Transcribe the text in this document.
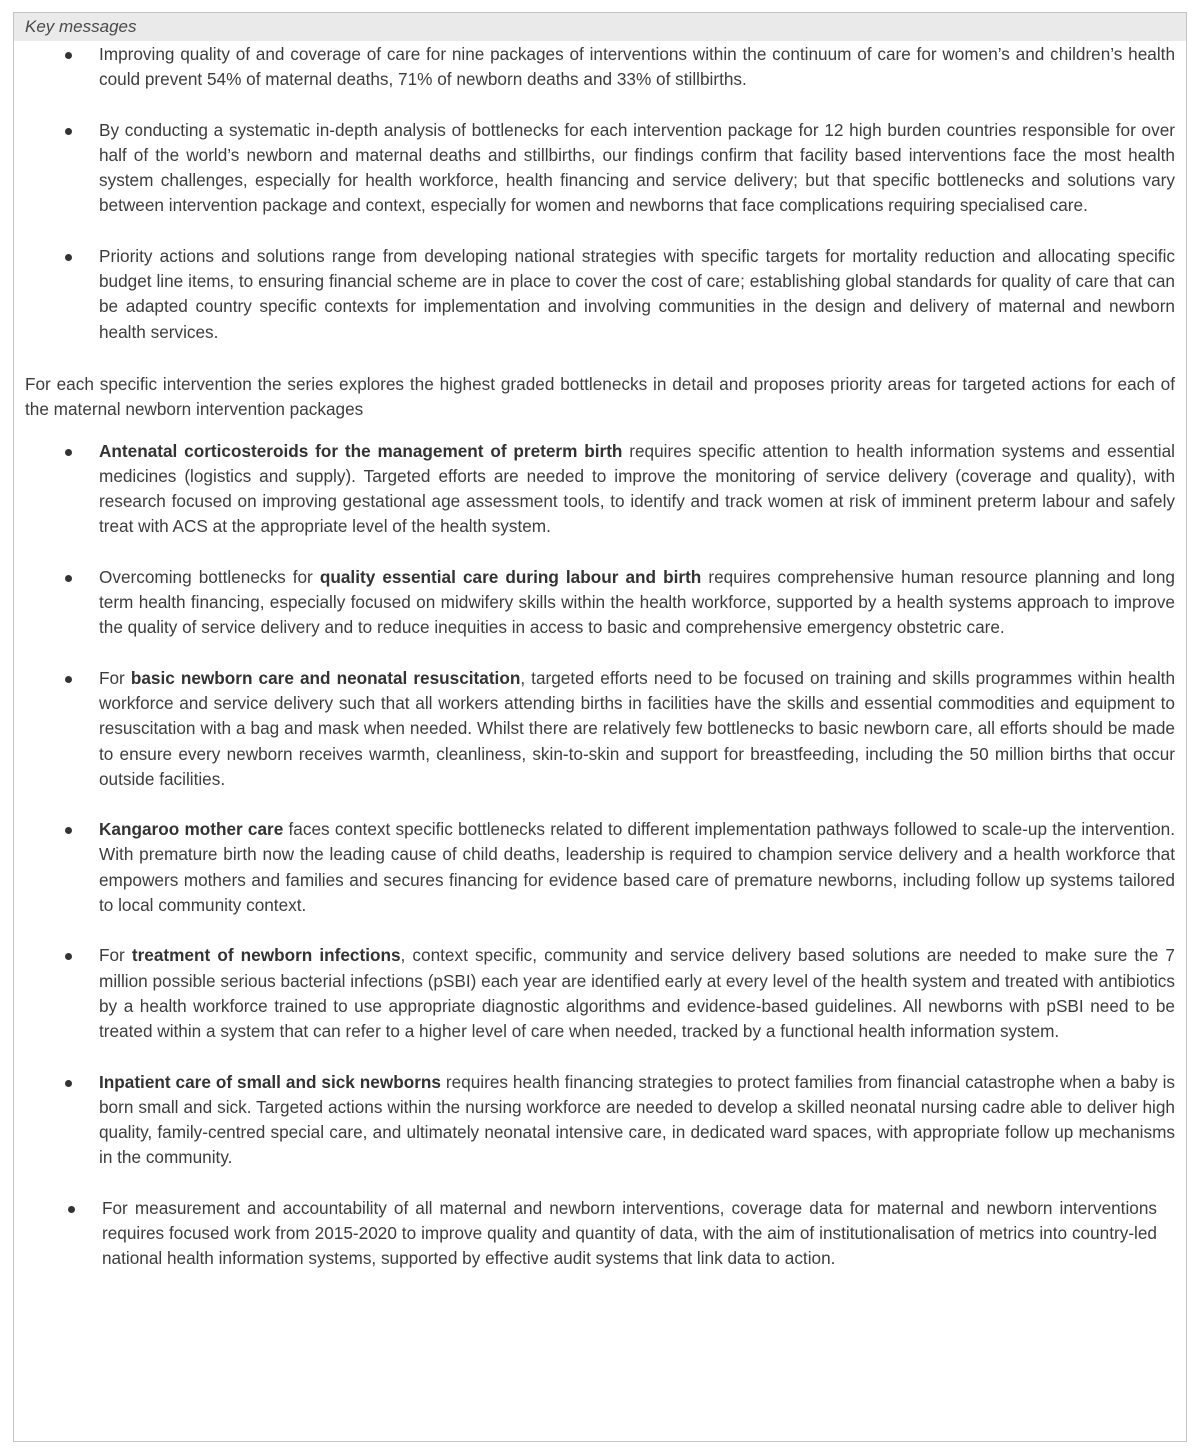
Key messages
Improving quality of and coverage of care for nine packages of interventions within the continuum of care for women’s and children’s health could prevent 54% of maternal deaths, 71% of newborn deaths and 33% of stillbirths.
By conducting a systematic in-depth analysis of bottlenecks for each intervention package for 12 high burden countries responsible for over half of the world’s newborn and maternal deaths and stillbirths, our findings confirm that facility based interventions face the most health system challenges, especially for health workforce, health financing and service delivery; but that specific bottlenecks and solutions vary between intervention package and context, especially for women and newborns that face complications requiring specialised care.
Priority actions and solutions range from developing national strategies with specific targets for mortality reduction and allocating specific budget line items, to ensuring financial scheme are in place to cover the cost of care; establishing global standards for quality of care that can be adapted country specific contexts for implementation and involving communities in the design and delivery of maternal and newborn health services.

For each specific intervention the series explores the highest graded bottlenecks in detail and proposes priority areas for targeted actions for each of the maternal newborn intervention packages

Antenatal corticosteroids for the management of preterm birth requires specific attention to health information systems and essential medicines (logistics and supply). Targeted efforts are needed to improve the monitoring of service delivery (coverage and quality), with research focused on improving gestational age assessment tools, to identify and track women at risk of imminent preterm labour and safely treat with ACS at the appropriate level of the health system.
Overcoming bottlenecks for quality essential care during labour and birth requires comprehensive human resource planning and long term health financing, especially focused on midwifery skills within the health workforce, supported by a health systems approach to improve the quality of service delivery and to reduce inequities in access to basic and comprehensive emergency obstetric care.
For basic newborn care and neonatal resuscitation, targeted efforts need to be focused on training and skills programmes within health workforce and service delivery such that all workers attending births in facilities have the skills and essential commodities and equipment to resuscitation with a bag and mask when needed. Whilst there are relatively few bottlenecks to basic newborn care, all efforts should be made to ensure every newborn receives warmth, cleanliness, skin-to-skin and support for breastfeeding, including the 50 million births that occur outside facilities.
Kangaroo mother care faces context specific bottlenecks related to different implementation pathways followed to scale-up the intervention. With premature birth now the leading cause of child deaths, leadership is required to champion service delivery and a health workforce that empowers mothers and families and secures financing for evidence based care of premature newborns, including follow up systems tailored to local community context.
For treatment of newborn infections, context specific, community and service delivery based solutions are needed to make sure the 7 million possible serious bacterial infections (pSBI) each year are identified early at every level of the health system and treated with antibiotics by a health workforce trained to use appropriate diagnostic algorithms and evidence-based guidelines. All newborns with pSBI need to be treated within a system that can refer to a higher level of care when needed, tracked by a functional health information system.
Inpatient care of small and sick newborns requires health financing strategies to protect families from financial catastrophe when a baby is born small and sick. Targeted actions within the nursing workforce are needed to develop a skilled neonatal nursing cadre able to deliver high quality, family-centred special care, and ultimately neonatal intensive care, in dedicated ward spaces, with appropriate follow up mechanisms in the community.
For measurement and accountability of all maternal and newborn interventions, coverage data for maternal and newborn interventions requires focused work from 2015-2020 to improve quality and quantity of data, with the aim of institutionalisation of metrics into country-led national health information systems, supported by effective audit systems that link data to action.
